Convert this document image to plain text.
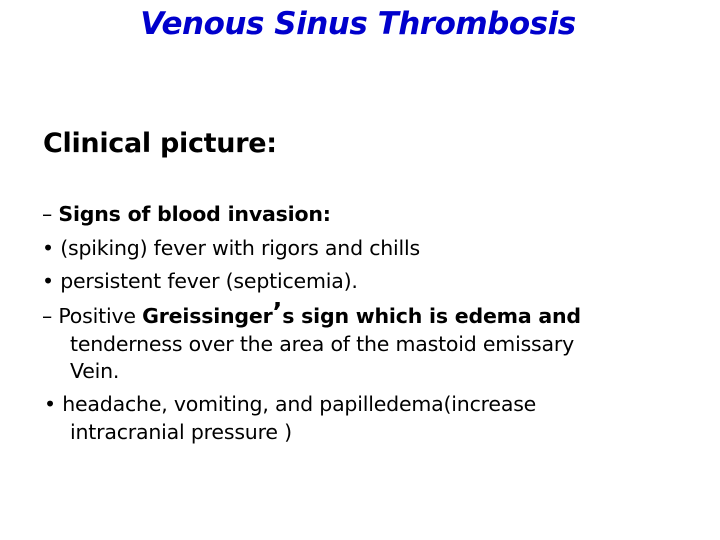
Venous Sinus Thrombosis
Clinical picture:
– Signs of blood invasion:
• (spiking) fever with rigors and chills
• persistent fever (septicemia).
– Positive Greissinger’s sign which is edema and
tenderness over the area of the mastoid emissary
Vein.
• headache, vomiting, and papilledema(increase
intracranial pressure )
